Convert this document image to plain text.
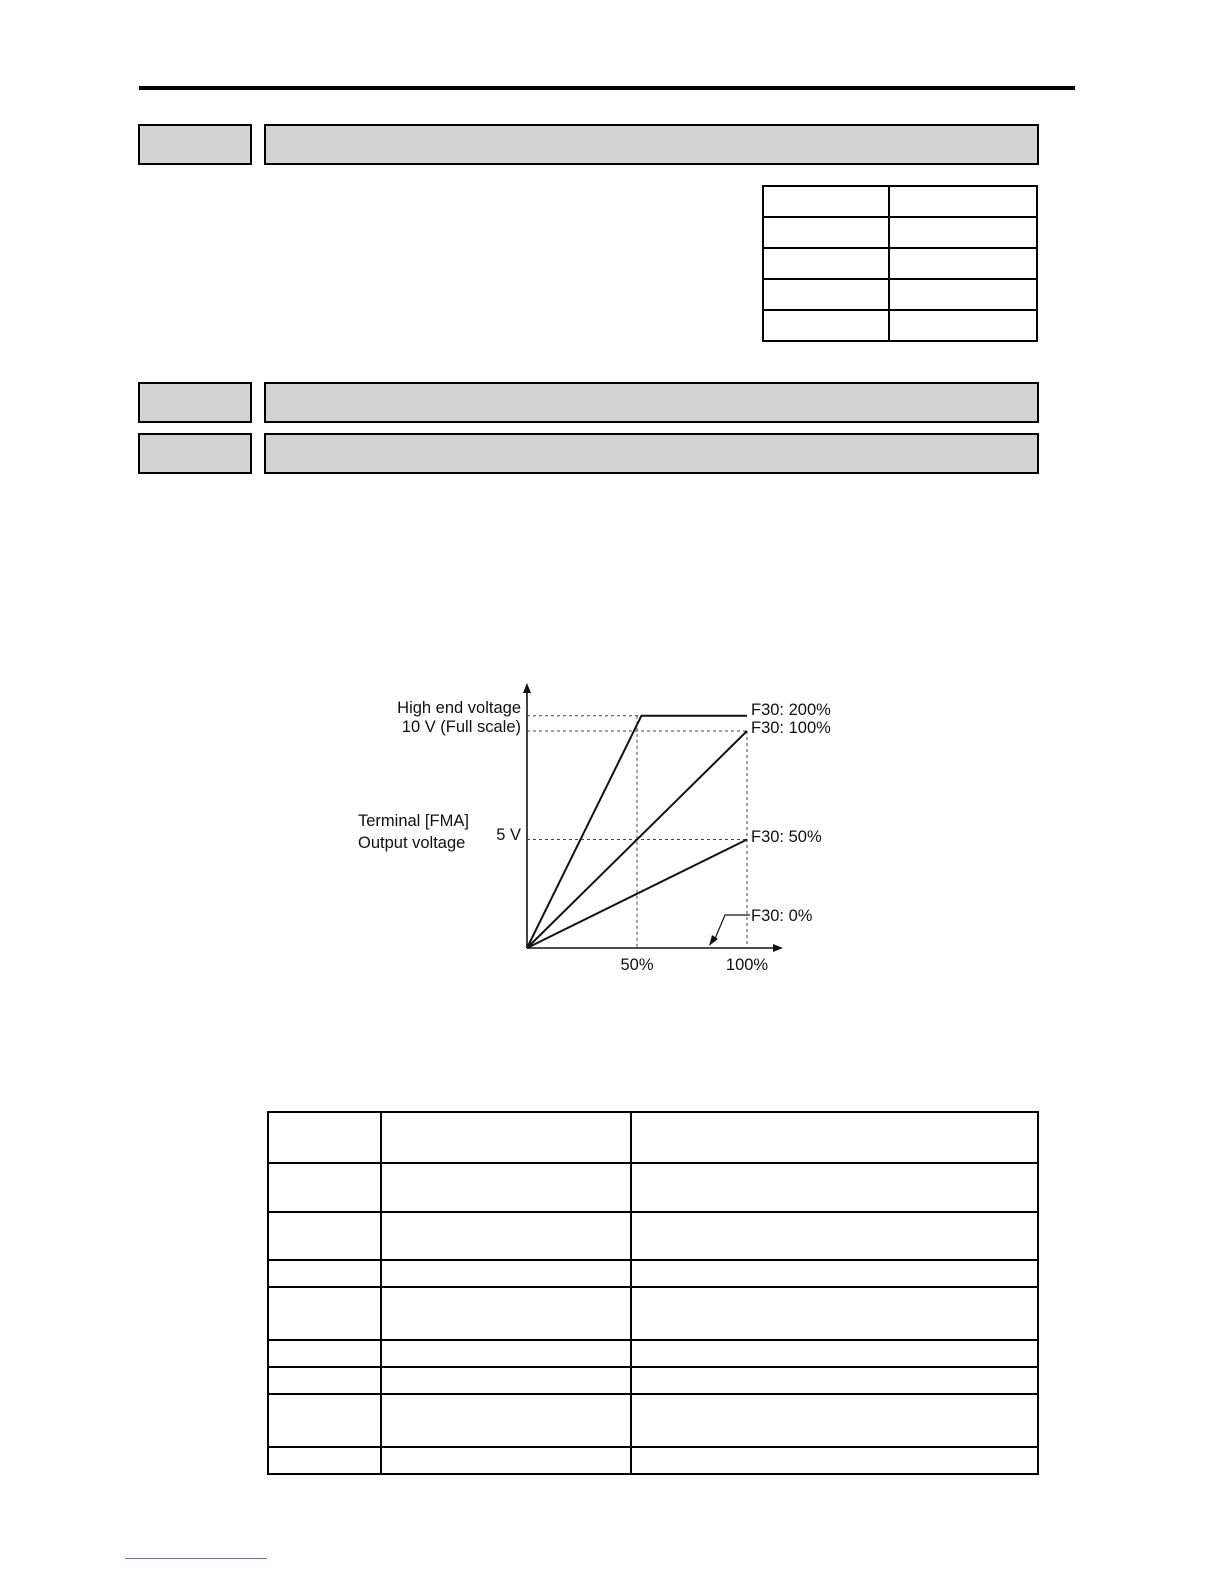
High end voltage
10 V (Full scale)
5 V
Terminal [FMA]
Output voltage
50%	100%
F30: 200%
F30: 100%
F30: 50%
F30: 0%
